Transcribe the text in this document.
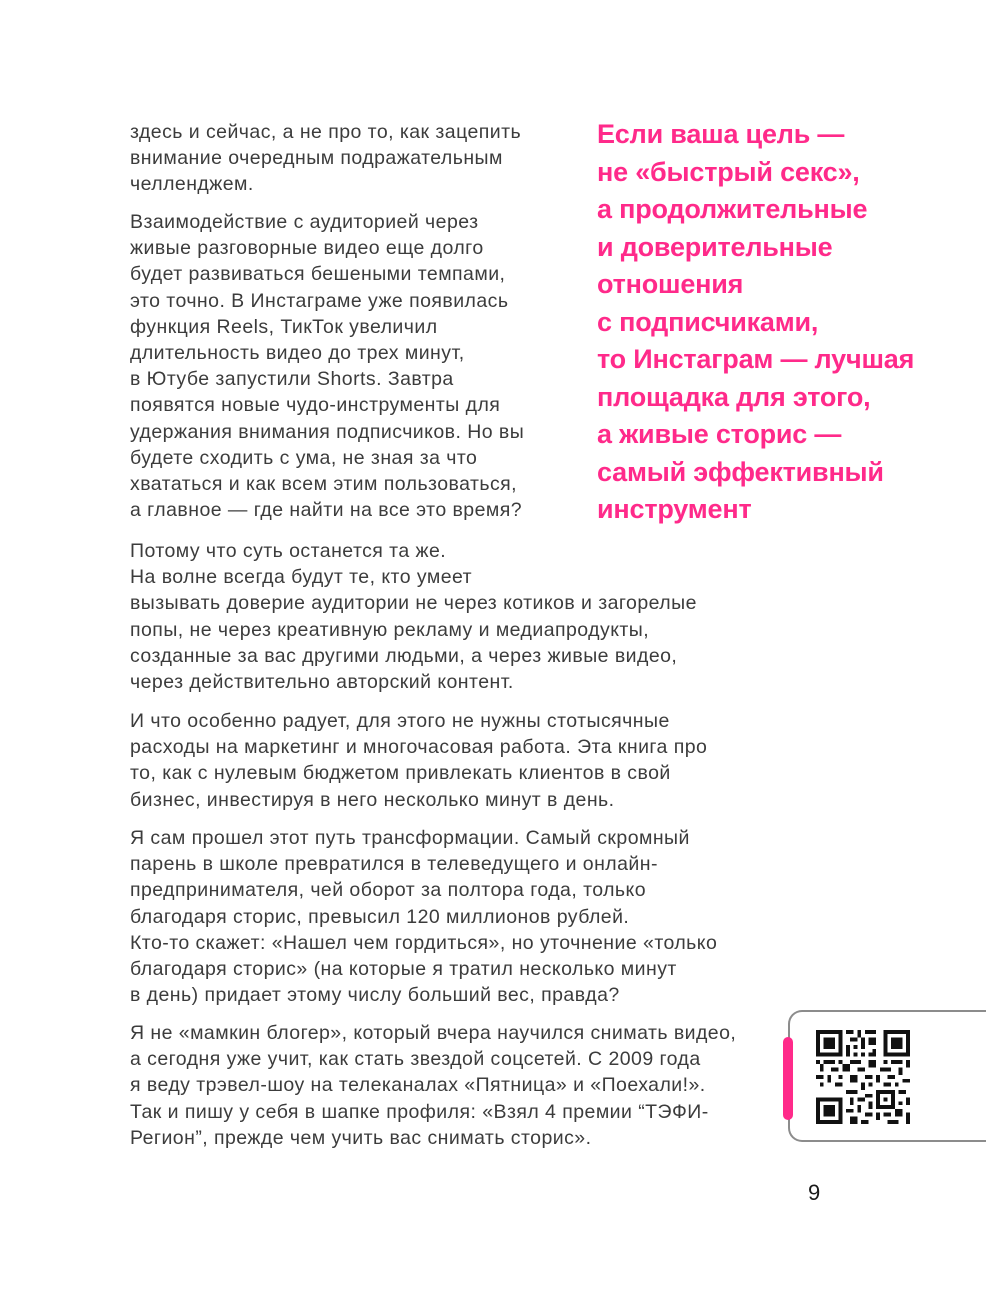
здесь и сейчас, а не про то, как зацепить
внимание очередным подражательным
челленджем.
Взаимодействие с аудиторией через
живые разговорные видео еще долго
будет развиваться бешеными темпами,
это точно. В Инстаграме уже появилась
функция Reels, ТикТок увеличил
длительность видео до трех минут,
в Ютубе запустили Shorts. Завтра
появятся новые чудо-инструменты для
удержания внимания подписчиков. Но вы
будете сходить с ума, не зная за что
хвататься и как всем этим пользоваться,
а главное — где найти на все это время?
Потому что суть останется та же.
На волне всегда будут те, кто умеет
вызывать доверие аудитории не через котиков и загорелые
попы, не через креативную рекламу и медиапродукты,
созданные за вас другими людьми, а через живые видео,
через действительно авторский контент.
И что особенно радует, для этого не нужны стотысячные
расходы на маркетинг и многочасовая работа. Эта книга про
то, как с нулевым бюджетом привлекать клиентов в свой
бизнес, инвестируя в него несколько минут в день.
Я сам прошел этот путь трансформации. Самый скромный
парень в школе превратился в телеведущего и онлайн-
предпринимателя, чей оборот за полтора года, только
благодаря сторис, превысил 120 миллионов рублей.
Кто-то скажет: «Нашел чем гордиться», но уточнение «только
благодаря сторис» (на которые я тратил несколько минут
в день) придает этому числу больший вес, правда?
Я не «мамкин блогер», который вчера научился снимать видео,
а сегодня уже учит, как стать звездой соцсетей. С 2009 года
я веду трэвел-шоу на телеканалах «Пятница» и «Поехали!».
Так и пишу у себя в шапке профиля: «Взял 4 премии “ТЭФИ-
Регион”, прежде чем учить вас снимать сторис».
Если ваша цель —
не «быстрый секс»,
а продолжительные
и доверительные
отношения
с подписчиками,
то Инстаграм — лучшая
площадка для этого,
а живые сторис —
самый эффективный
инструмент
9
